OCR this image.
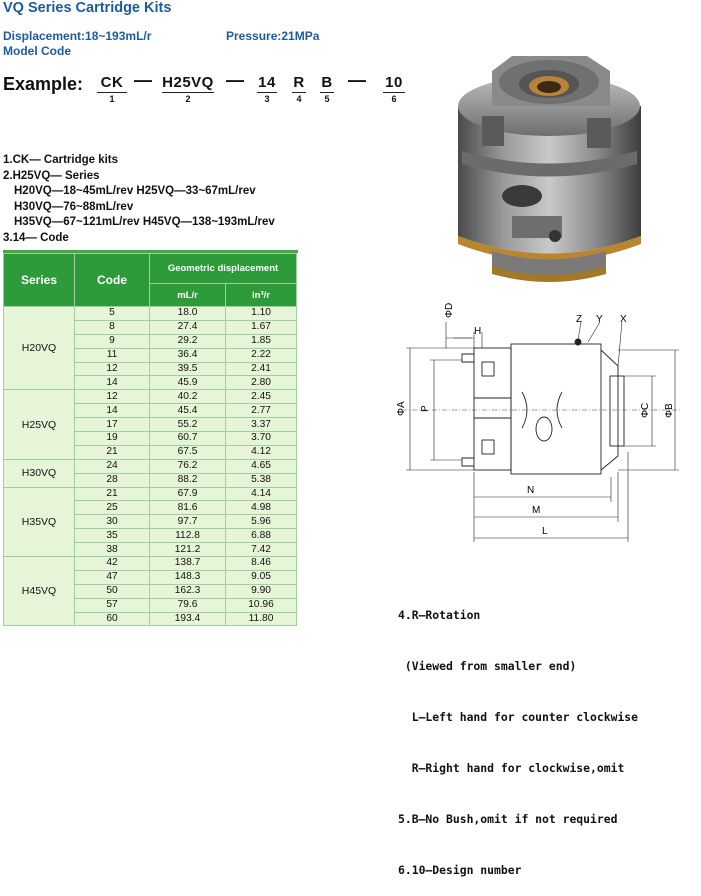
VQ Series Cartridge Kits
Displacement:18~193mL/r	Pressure:21MPa
Model Code
Example: CK
1
— H25VQ
2
— 14
3
R
4
B
5
— 10
6
1.CK— Cartridge kits
2.H25VQ— Series
H20VQ—18~45mL/rev H25VQ—33~67mL/rev
H30VQ—76~88mL/rev
H35VQ—67~121mL/rev H45VQ—138~193mL/rev
3.14— Code
Series	Code	Geometric displacement	
		mL/r	in³/r
H20VQ	5	18.0	1.10
	8	27.4	1.67
	9	29.2	1.85
	11	36.4	2.22
	12	39.5	2.41
	14	45.9	2.80
H25VQ	12	40.2	2.45
	14	45.4	2.77
	17	55.2	3.37
	19	60.7	3.70
	21	67.5	4.12
H30VQ	24	76.2	4.65
	28	88.2	5.38
H35VQ	21	67.9	4.14
	25	81.6	4.98
	30	97.7	5.96
	35	112.8	6.88
	38	121.2	7.42
H45VQ	42	138.7	8.46
	47	148.3	9.05
	50	162.3	9.90
	57	79.6	10.96
	60	193.4	11.80
ΦD
H
Z Y X
ΦA P	ΦC ΦB
N
M
L

4.R—Rotation

(Viewed from smaller end)

L—Left hand for counter clockwise

R—Right hand for clockwise,omit

5.B—No Bush,omit if not required

6.10—Design number
